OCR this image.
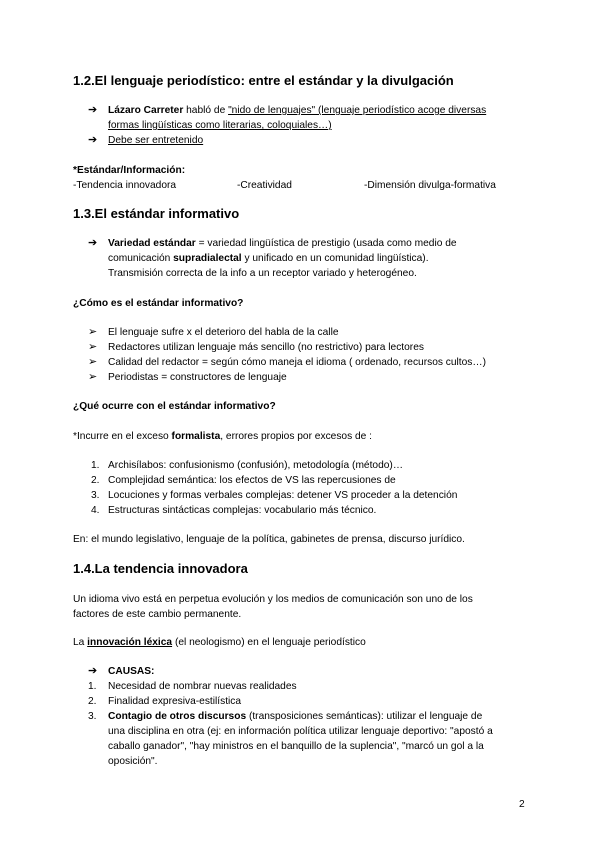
1.2.El lenguaje periodístico: entre el estándar y la divulgación
➔ Lázaro Carreter habló de "nido de lenguajes" (lenguaje periodístico acoge diversas
formas lingüísticas como literarias, coloquiales…)
➔ Debe ser entretenido
*Estándar/Información:
-Tendencia innovadora	-Creatividad	-Dimensión divulga-formativa
1.3.El estándar informativo
➔ Variedad estándar = variedad lingüística de prestigio (usada como medio de
comunicación supradialectal y unificado en un comunidad lingüística).
Transmisión correcta de la info a un receptor variado y heterogéneo.
¿Cómo es el estándar informativo?
➢ El lenguaje sufre x el deterioro del habla de la calle
➢ Redactores utilizan lenguaje más sencillo (no restrictivo) para lectores
➢ Calidad del redactor = según cómo maneja el idioma ( ordenado, recursos cultos…)
➢ Periodistas = constructores de lenguaje
¿Qué ocurre con el estándar informativo?
*Incurre en el exceso formalista, errores propios por excesos de :
1. Archisílabos: confusionismo (confusión), metodología (método)…
2. Complejidad semántica: los efectos de VS las repercusiones de
3. Locuciones y formas verbales complejas: detener VS proceder a la detención
4. Estructuras sintácticas complejas: vocabulario más técnico.
En: el mundo legislativo, lenguaje de la política, gabinetes de prensa, discurso jurídico.
1.4.La tendencia innovadora
Un idioma vivo está en perpetua evolución y los medios de comunicación son uno de los
factores de este cambio permanente.
La innovación léxica (el neologismo) en el lenguaje periodístico
➔ CAUSAS:
1. Necesidad de nombrar nuevas realidades
2. Finalidad expresiva-estilística
3. Contagio de otros discursos (transposiciones semánticas): utilizar el lenguaje de
una disciplina en otra (ej: en información política utilizar lenguaje deportivo: "apostó a
caballo ganador", "hay ministros en el banquillo de la suplencia", "marcó un gol a la
oposición".
2
